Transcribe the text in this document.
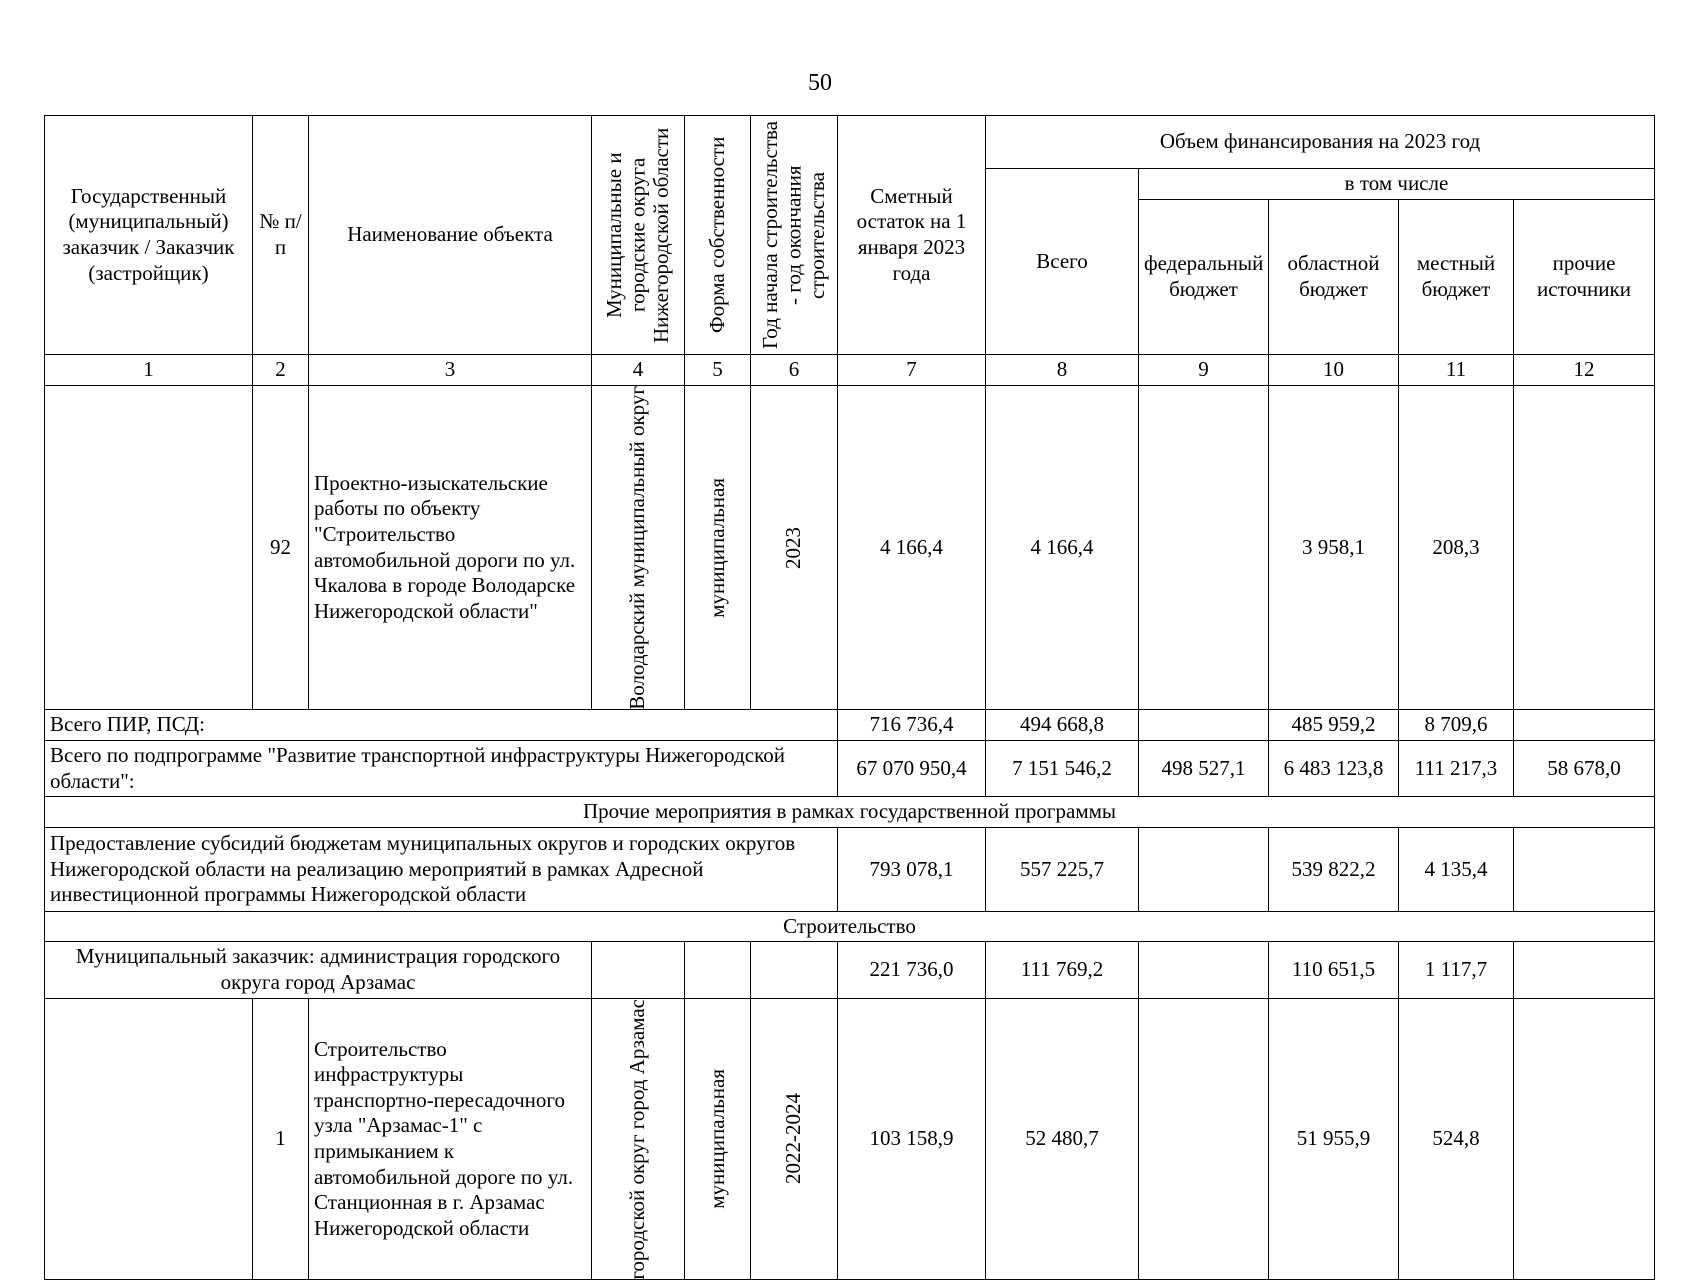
50
Государственный (муниципальный) заказчик / Заказчик (застройщик)	№ п/п	Наименование объекта	Муниципальные и городские округа Нижегородской области	Форма собственности	Год начала строительства - год окончания строительства	Сметный остаток на 1 января 2023 года	Объем финансирования на 2023 год				
							Всего	в том числе			
								федеральный бюджет	областной бюджет	местный бюджет	прочие источники
1	2	3	4	5	6	7	8	9	10	11	12
	92	Проектно-изыскательские работы по объекту "Строительство автомобильной дороги по ул. Чкалова в городе Володарске Нижегородской области"	Володарский муниципальный округ	муниципальная	2023	4 166,4	4 166,4		3 958,1	208,3	
Всего ПИР, ПСД:						716 736,4	494 668,8		485 959,2	8 709,6	
Всего по подпрограмме "Развитие транспортной инфраструктуры Нижегородской области":						67 070 950,4	7 151 546,2	498 527,1	6 483 123,8	111 217,3	58 678,0
Прочие мероприятия в рамках государственной программы											
Предоставление субсидий бюджетам муниципальных округов и городских округов Нижегородской области на реализацию мероприятий в рамках Адресной инвестиционной программы Нижегородской области						793 078,1	557 225,7		539 822,2	4 135,4	
Строительство											
Муниципальный заказчик: администрация городского округа город Арзамас						221 736,0	111 769,2		110 651,5	1 117,7	
	1	Строительство инфраструктуры транспортно-пересадочного узла "Арзамас-1" с примыканием к автомобильной дороге по ул. Станционная в г. Арзамас Нижегородской области	городской округ город Арзамас	муниципальная	2022-2024	103 158,9	52 480,7		51 955,9	524,8	
